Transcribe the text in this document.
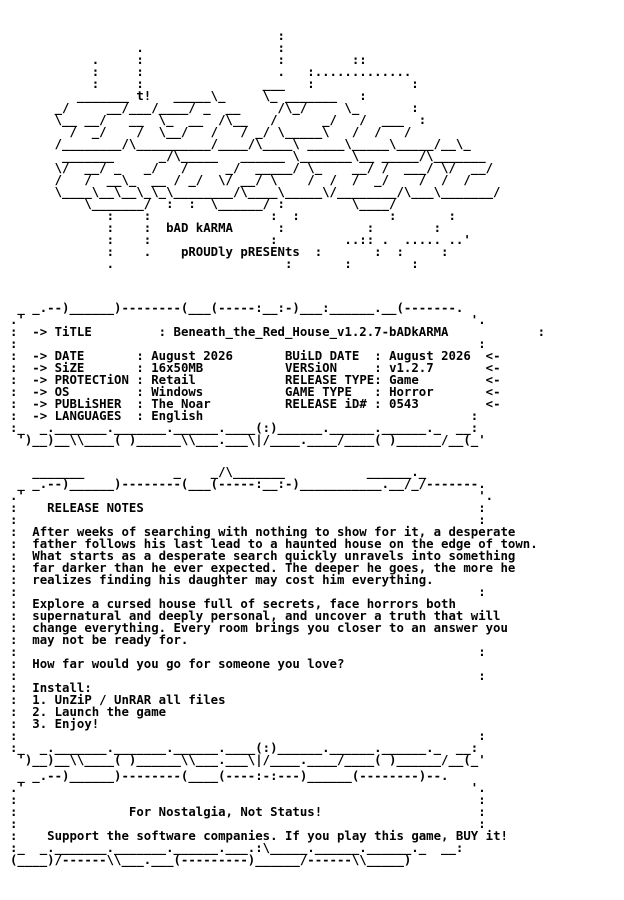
:
.                  :
.     :                  :         ::
:     :                  .   :.............
:     :                ___   :             :
_______ t!   _____\_     \_ _______   :
_/     __/___/____/ _  __     /\_/     \_       :
\__ __/   __  \_  __  /\__   /      _/   /  ___  :
/  _/    /  \__/   /   / _/ \_____\   /  /   /
/________/\__________/____/\____\ _____\_____\_____/__\_
_______      _/\_____   ______ \_______\__ _____/\_______
\/  __/ _   _/   /     _/  _____/ \_    __/ /  ___/ \/  __/
/   /  __\_  __ / _/  \/ __/ \    /  /  /  _/    /  /  /
\____\__\__\_\_\________/\____\_____\/________/\___\_______/
\_______/  :  :  \______/ :         \____/
:    :                :  :            :       :
:    :  bAD kARMA	:           :        :
:    :                :         ..:: .  ..... ..'
:    .    pROUDly pRESENts  :       :  :     :
.                       :       :        :

_ _.--)______)--------(___(-----:__:-)___:______.__(-------.
.'                                                            '.
:  -> TiTLE         : Beneath_the_Red_House_v1.2.7-bADkARMA	:
:                                                              :
:  -> DATE       : August 2026	BUiLD DATE  : August 2026  <-
:  -> SiZE       : 16x50MB	VERSiON     : v1.2.7	<-
:  -> PROTECTiON : Retail	RELEASE TYPE: Game	<-
:  -> OS         : Windows	GAME TYPE   : Horror	<-
:  -> PUBLiSHER  : The Noar	RELEASE iD# : 0543	<-
:  -> LANGUAGES  : English	:
:_  _._______._______.______.____(:)______.______.______._  __:
')__)__\\____( )______\\___.___\|/____.____/____( )______/__(_'

_______            _    _/\_______           ______._
_ _.--)______)--------(___(-----:__:-)___________.__/_/-------.
.'                                                             '.
:    RELEASE NOTES	:
:                                                              :
:  After weeks of searching with nothing to show for it, a desperate
:  father follows his last lead to a haunted house on the edge of town.
:  What starts as a desperate search quickly unravels into something
:  far darker than he ever expected. The deeper he goes, the more he
:  realizes finding his daughter may cost him everything.
:                                                              :
:  Explore a cursed house full of secrets, face horrors both
:  supernatural and deeply personal, and uncover a truth that will
:  change everything. Every room brings you closer to an answer you
:  may not be ready for.
:                                                              :
:  How far would you go for someone you love?
:                                                              :
:  Install:
:  1. UnZiP / UnRAR all files
:  2. Launch the game
:  3. Enjoy!
:                                                              :
:_  _._______._______.______.____(:)______.______.______._  __:
')__)__\\____( )______\\___.___\|/____.____/____( )______/__(_'

_ _.--)______)--------(____(----:-:---)______(--------)--.
.'                                                            '.
:                                                              :
:	For Nostalgia, Not Status!	:
:                                                              :
:    Support the software companies. If you play this game, BUY it!
:_  _._______._______.______.___.:\_____.______.______._  __:
(____)/------\\___.___(---------)______/------\\_____)
